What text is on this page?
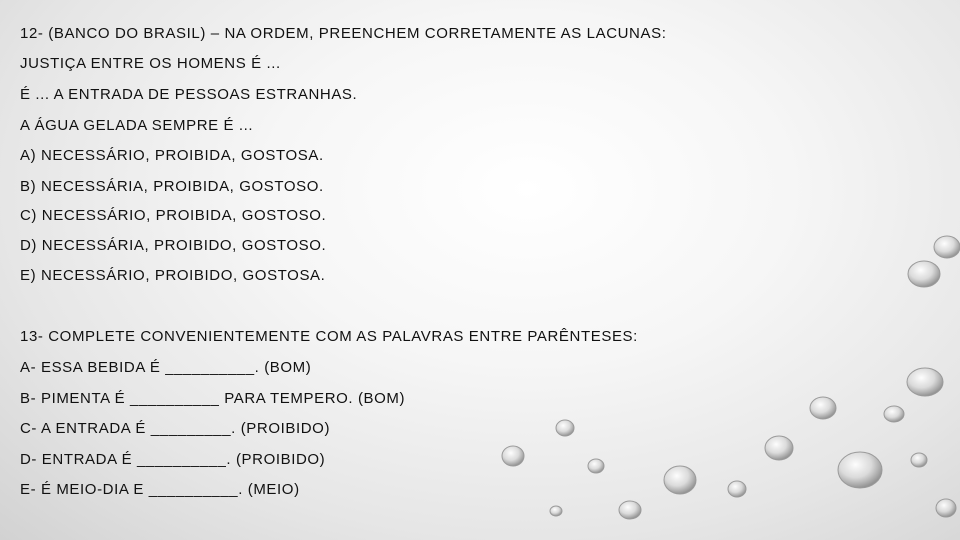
12- (BANCO DO BRASIL) – NA ORDEM, PREENCHEM CORRETAMENTE AS LACUNAS:
JUSTIÇA ENTRE OS HOMENS É ...
É ... A ENTRADA DE PESSOAS ESTRANHAS.
A ÁGUA GELADA SEMPRE É ...
A) NECESSÁRIO, PROIBIDA, GOSTOSA.
B) NECESSÁRIA, PROIBIDA, GOSTOSO.
C) NECESSÁRIO, PROIBIDA, GOSTOSO.
D) NECESSÁRIA, PROIBIDO, GOSTOSO.
E) NECESSÁRIO, PROIBIDO, GOSTOSA.
13- COMPLETE CONVENIENTEMENTE COM AS PALAVRAS ENTRE PARÊNTESES:
A- ESSA BEBIDA É __________. (BOM)
B- PIMENTA É __________ PARA TEMPERO. (BOM)
C- A ENTRADA É _________. (PROIBIDO)
D- ENTRADA É __________. (PROIBIDO)
E- É MEIO-DIA E __________. (MEIO)
